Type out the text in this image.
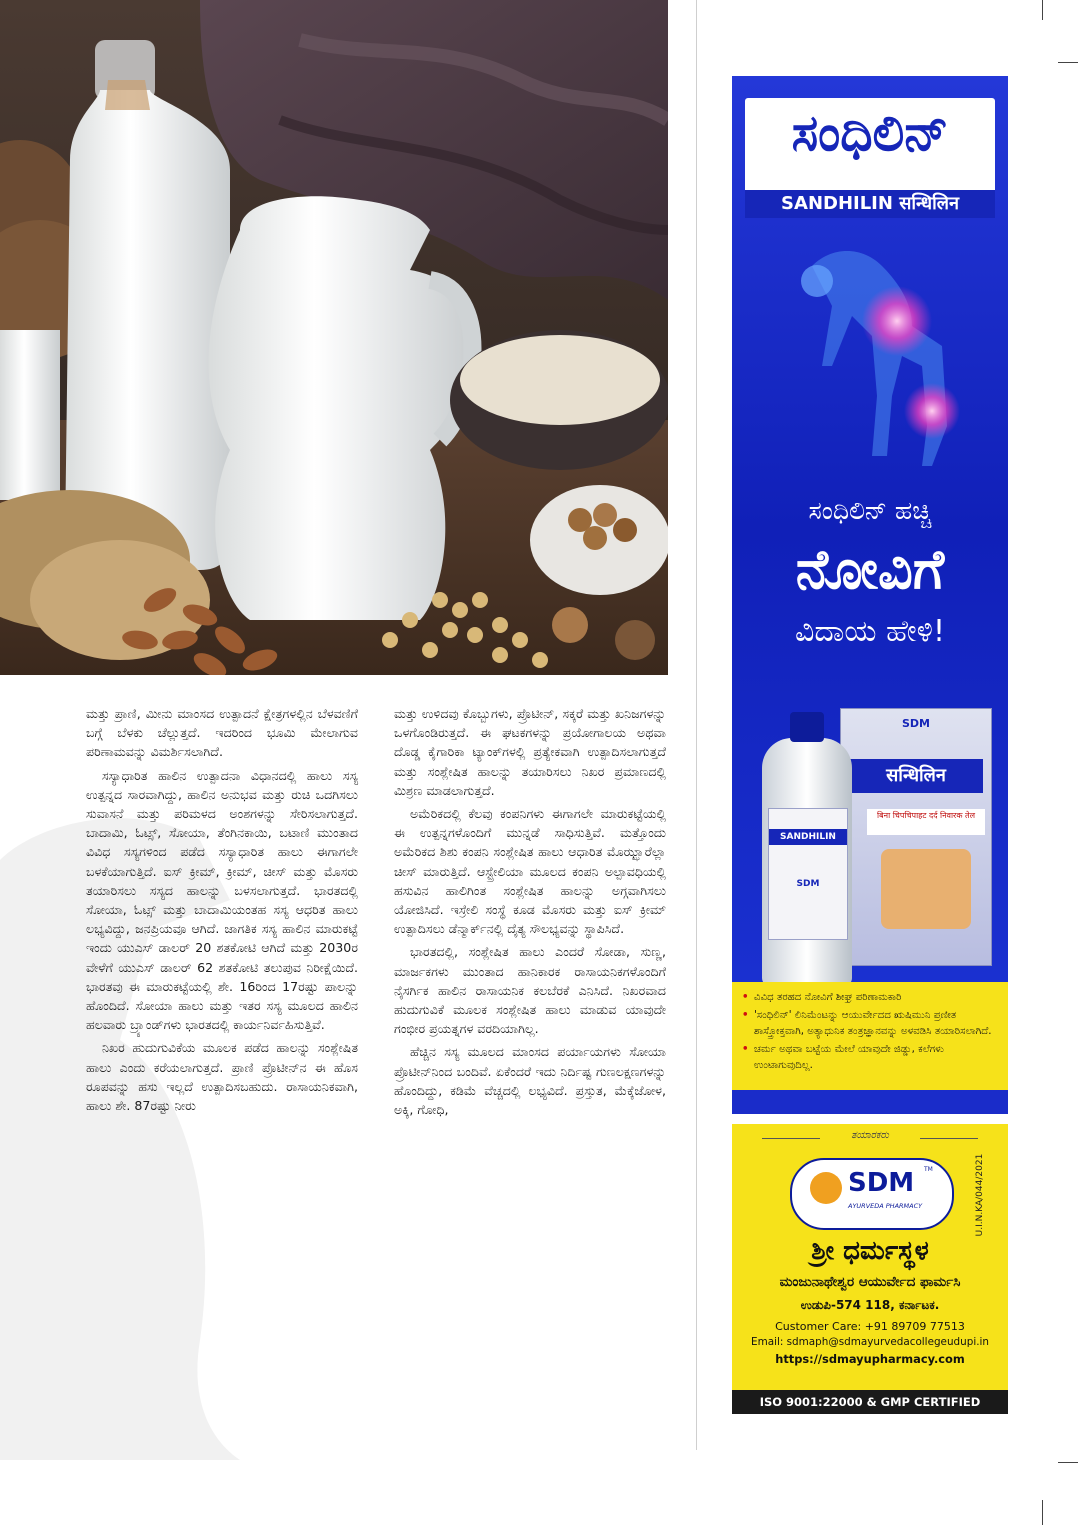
ಮತ್ತು ಪ್ರಾಣಿ, ಮೀನು ಮಾಂಸದ ಉತ್ಪಾದನೆ ಕ್ಷೇತ್ರಗಳಲ್ಲಿನ ಬೆಳವಣಿಗೆ ಬಗ್ಗೆ ಬೆಳಕು ಚೆಲ್ಲುತ್ತದೆ. ಇದರಿಂದ ಭೂಮಿ ಮೇಲಾಗುವ ಪರಿಣಾಮವನ್ನು ವಿಮರ್ಶಿಸಲಾಗಿದೆ.

ಸಸ್ಯಾಧಾರಿತ ಹಾಲಿನ ಉತ್ಪಾದನಾ ವಿಧಾನದಲ್ಲಿ ಹಾಲು ಸಸ್ಯ ಉತ್ಪನ್ನದ ಸಾರವಾಗಿದ್ದು, ಹಾಲಿನ ಅನುಭವ ಮತ್ತು ರುಚಿ ಒದಗಿಸಲು ಸುವಾಸನೆ ಮತ್ತು ಪರಿಮಳದ ಅಂಶಗಳನ್ನು ಸೇರಿಸಲಾಗುತ್ತದೆ. ಬಾದಾಮಿ, ಓಟ್ಸ್, ಸೋಯಾ, ತೆಂಗಿನಕಾಯಿ, ಬಟಾಣಿ ಮುಂತಾದ ವಿವಿಧ ಸಸ್ಯಗಳಿಂದ ಪಡೆದ ಸಸ್ಯಾಧಾರಿತ ಹಾಲು ಈಗಾಗಲೇ ಬಳಕೆಯಾಗುತ್ತಿದೆ. ಐಸ್ ಕ್ರೀಮ್, ಕ್ರೀಮ್, ಚೀಸ್ ಮತ್ತು ಮೊಸರು ತಯಾರಿಸಲು ಸಸ್ಯದ ಹಾಲನ್ನು ಬಳಸಲಾಗುತ್ತದೆ. ಭಾರತದಲ್ಲಿ ಸೋಯಾ, ಓಟ್ಸ್ ಮತ್ತು ಬಾದಾಮಿಯಂತಹ ಸಸ್ಯ ಆಧರಿತ ಹಾಲು ಲಭ್ಯವಿದ್ದು, ಜನಪ್ರಿಯವೂ ಆಗಿದೆ. ಜಾಗತಿಕ ಸಸ್ಯ ಹಾಲಿನ ಮಾರುಕಟ್ಟೆ ಇಂದು ಯುಎಸ್ ಡಾಲರ್ 20 ಶತಕೋಟಿ ಆಗಿದೆ ಮತ್ತು 2030ರ ವೇಳೆಗೆ ಯುಎಸ್ ಡಾಲರ್ 62 ಶತಕೋಟಿ ತಲುಪುವ ನಿರೀಕ್ಷೆಯಿದೆ. ಭಾರತವು ಈ ಮಾರುಕಟ್ಟೆಯಲ್ಲಿ ಶೇ. 16ರಿಂದ 17ರಷ್ಟು ಪಾಲನ್ನು ಹೊಂದಿದೆ. ಸೋಯಾ ಹಾಲು ಮತ್ತು ಇತರ ಸಸ್ಯ ಮೂಲದ ಹಾಲಿನ ಹಲವಾರು ಬ್ರ್ಯಾಂಡ್‌ಗಳು ಭಾರತದಲ್ಲಿ ಕಾರ್ಯನಿರ್ವಹಿಸುತ್ತಿವೆ.

ನಿಖರ ಹುದುಗುವಿಕೆಯ ಮೂಲಕ ಪಡೆದ ಹಾಲನ್ನು ಸಂಶ್ಲೇಷಿತ ಹಾಲು ಎಂದು ಕರೆಯಲಾಗುತ್ತದೆ. ಪ್ರಾಣಿ ಪ್ರೊಟೀನ್‌ನ ಈ ಹೊಸ ರೂಪವನ್ನು ಹಸು ಇಲ್ಲದೆ ಉತ್ಪಾದಿಸಬಹುದು. ರಾಸಾಯನಿಕವಾಗಿ, ಹಾಲು ಶೇ. 87ರಷ್ಟು ನೀರು

ಮತ್ತು ಉಳಿದವು ಕೊಬ್ಬುಗಳು, ಪ್ರೊಟೀನ್, ಸಕ್ಕರೆ ಮತ್ತು ಖನಿಜಗಳನ್ನು ಒಳಗೊಂಡಿರುತ್ತದೆ. ಈ ಘಟಕಗಳನ್ನು ಪ್ರಯೋಗಾಲಯ ಅಥವಾ ದೊಡ್ಡ ಕೈಗಾರಿಕಾ ಟ್ಯಾಂಕ್‌ಗಳಲ್ಲಿ ಪ್ರತ್ಯೇಕವಾಗಿ ಉತ್ಪಾದಿಸಲಾಗುತ್ತದೆ ಮತ್ತು ಸಂಶ್ಲೇಷಿತ ಹಾಲನ್ನು ತಯಾರಿಸಲು ನಿಖರ ಪ್ರಮಾಣದಲ್ಲಿ ಮಿಶ್ರಣ ಮಾಡಲಾಗುತ್ತದೆ.

ಅಮೆರಿಕದಲ್ಲಿ ಕೆಲವು ಕಂಪನಿಗಳು ಈಗಾಗಲೇ ಮಾರುಕಟ್ಟೆಯಲ್ಲಿ ಈ ಉತ್ಪನ್ನಗಳೊಂದಿಗೆ ಮುನ್ನಡೆ ಸಾಧಿಸುತ್ತಿವೆ. ಮತ್ತೊಂದು ಅಮೆರಿಕದ ಶಿಶು ಕಂಪನಿ ಸಂಶ್ಲೇಷಿತ ಹಾಲು ಆಧಾರಿತ ಮೊಝ್ಝಾರೆಲ್ಲಾ ಚೀಸ್ ಮಾರುತ್ತಿದೆ. ಆಸ್ಟ್ರೇಲಿಯಾ ಮೂಲದ ಕಂಪನಿ ಅಲ್ಪಾವಧಿಯಲ್ಲಿ ಹಸುವಿನ ಹಾಲಿಗಿಂತ ಸಂಶ್ಲೇಷಿತ ಹಾಲನ್ನು ಅಗ್ಗವಾಗಿಸಲು ಯೋಜಿಸಿದೆ. ಇಸ್ರೇಲಿ ಸಂಸ್ಥೆ ಕೂಡ ಮೊಸರು ಮತ್ತು ಐಸ್ ಕ್ರೀಮ್ ಉತ್ಪಾದಿಸಲು ಡೆನ್ಮಾರ್ಕ್‌ನಲ್ಲಿ ದೈತ್ಯ ಸೌಲಭ್ಯವನ್ನು ಸ್ಥಾಪಿಸಿದೆ.

ಭಾರತದಲ್ಲಿ, ಸಂಶ್ಲೇಷಿತ ಹಾಲು ಎಂದರೆ ಸೋಡಾ, ಸುಣ್ಣ, ಮಾರ್ಜಕಗಳು ಮುಂತಾದ ಹಾನಿಕಾರಕ ರಾಸಾಯನಿಕಗಳೊಂದಿಗೆ ನೈಸರ್ಗಿಕ ಹಾಲಿನ ರಾಸಾಯನಿಕ ಕಲಬೆರಕೆ ಎನಿಸಿದೆ. ನಿಖರವಾದ ಹುದುಗುವಿಕೆ ಮೂಲಕ ಸಂಶ್ಲೇಷಿತ ಹಾಲು ಮಾಡುವ ಯಾವುದೇ ಗಂಭೀರ ಪ್ರಯತ್ನಗಳ ವರದಿಯಾಗಿಲ್ಲ.

ಹೆಚ್ಚಿನ ಸಸ್ಯ ಮೂಲದ ಮಾಂಸದ ಪರ್ಯಾಯಗಳು ಸೋಯಾ ಪ್ರೊಟೀನ್‌ನಿಂದ ಬಂದಿವೆ. ಏಕೆಂದರೆ ಇದು ನಿರ್ದಿಷ್ಟ ಗುಣಲಕ್ಷಣಗಳನ್ನು ಹೊಂದಿದ್ದು, ಕಡಿಮೆ ವೆಚ್ಚದಲ್ಲಿ ಲಭ್ಯವಿದೆ. ಪ್ರಸ್ತುತ, ಮೆಕ್ಕೆಜೋಳ, ಅಕ್ಕಿ, ಗೋಧಿ,

ಸಂಧಿಲಿನ್
SANDHILIN सन्धिलिन
ಸಂಧಿಲಿನ್ ಹಚ್ಚಿ
ನೋವಿಗೆ
ವಿದಾಯ ಹೇಳಿ!
SDM
सन्धिलिन
बिना चिपचिपाहट दर्द निवारक तेल
SANDHILIN
SDM
• ವಿವಿಧ ತರಹದ ನೋವಿಗೆ ಶೀಘ್ರ ಪರಿಣಾಮಕಾರಿ
• 'ಸಂಧಿಲಿನ್' ಲಿನಿಮೆಂಟನ್ನು ಆಯುರ್ವೇದದ ಋಷಿಮುನಿ ಪ್ರಣೀತ ಶಾಸ್ತ್ರೋಕ್ತವಾಗಿ, ಅತ್ಯಾಧುನಿಕ ತಂತ್ರಜ್ಞಾನವನ್ನು ಅಳವಡಿಸಿ ತಯಾರಿಸಲಾಗಿದೆ.
• ಚರ್ಮ ಅಥವಾ ಬಟ್ಟೆಯ ಮೇಲೆ ಯಾವುದೇ ಜಿಡ್ಡು, ಕಲೆಗಳು ಉಂಟಾಗುವುದಿಲ್ಲ.
ತಯಾರಕರು
SDM TM
AYURVEDA PHARMACY	U.I.N.KA/044/2021
ಶ್ರೀ ಧರ್ಮಸ್ಥಳ
ಮಂಜುನಾಥೇಶ್ವರ ಆಯುರ್ವೇದ ಫಾರ್ಮಸಿ
ಉಡುಪಿ-574 118, ಕರ್ನಾಟಕ.
Customer Care: +91 89709 77513
Email: sdmaph@sdmayurvedacollegeudupi.in
https://sdmayupharmacy.com
ISO 9001:22000 & GMP CERTIFIED
